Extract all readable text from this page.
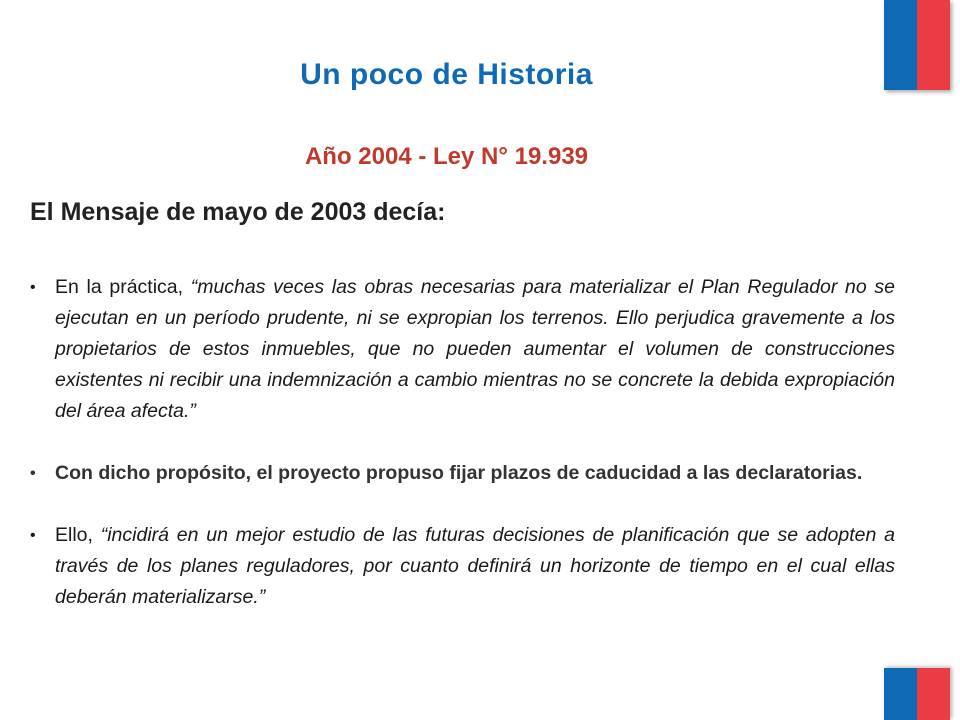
Un poco de Historia
Año 2004 - Ley N° 19.939
El Mensaje de mayo de 2003 decía:
• En la práctica, “muchas veces las obras necesarias para materializar el Plan Regulador no se ejecutan en un período prudente, ni se expropian los terrenos. Ello perjudica gravemente a los propietarios de estos inmuebles, que no pueden aumentar el volumen de construcciones existentes ni recibir una indemnización a cambio mientras no se concrete la debida expropiación del área afecta.”
• Con dicho propósito, el proyecto propuso fijar plazos de caducidad a las declaratorias.
• Ello, “incidirá en un mejor estudio de las futuras decisiones de planificación que se adopten a través de los planes reguladores, por cuanto definirá un horizonte de tiempo en el cual ellas deberán materializarse.”
